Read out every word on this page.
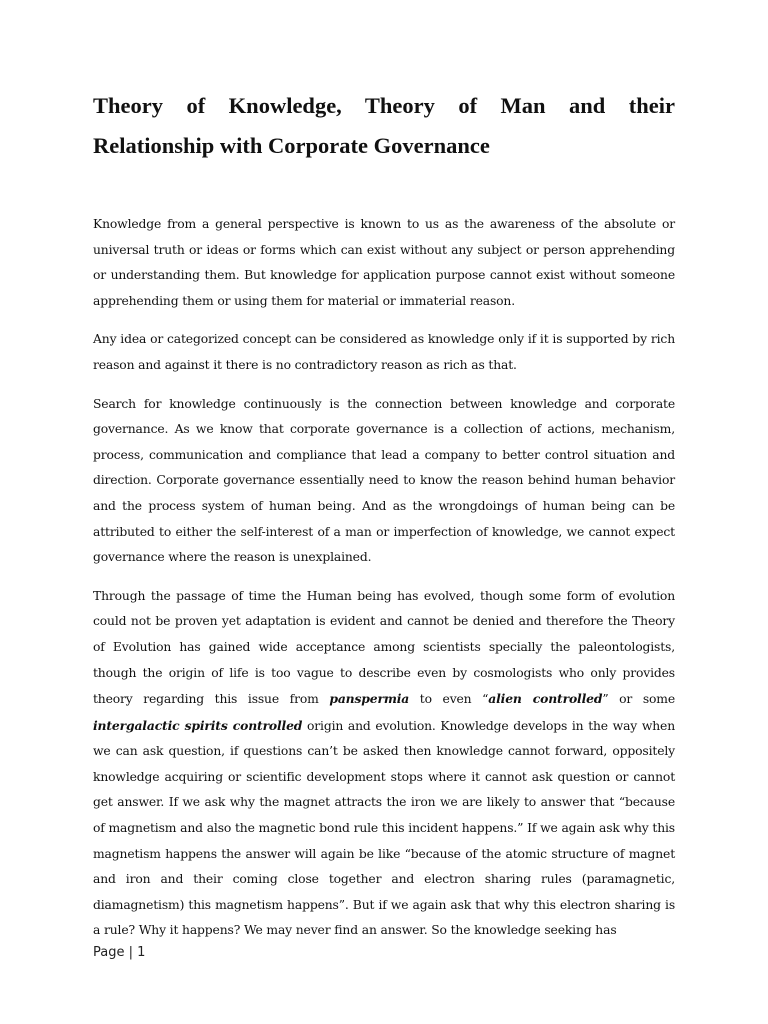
Theory of Knowledge, Theory of Man and their
Relationship with Corporate Governance

Knowledge from a general perspective is known to us as the awareness of the absolute or universal truth or ideas or forms which can exist without any subject or person apprehending or understanding them. But knowledge for application purpose cannot exist without someone apprehending them or using them for material or immaterial reason.

Any idea or categorized concept can be considered as knowledge only if it is supported by rich reason and against it there is no contradictory reason as rich as that.

Search for knowledge continuously is the connection between knowledge and corporate governance. As we know that corporate governance is a collection of actions, mechanism, process, communication and compliance that lead a company to better control situation and direction. Corporate governance essentially need to know the reason behind human behavior and the process system of human being. And as the wrongdoings of human being can be attributed to either the self-interest of a man or imperfection of knowledge, we cannot expect governance where the reason is unexplained.

Through the passage of time the Human being has evolved, though some form of evolution could not be proven yet adaptation is evident and cannot be denied and therefore the Theory of Evolution has gained wide acceptance among scientists specially the paleontologists, though the origin of life is too vague to describe even by cosmologists who only provides theory regarding this issue from panspermia to even “alien controlled” or some intergalactic spirits controlled origin and evolution. Knowledge develops in the way when we can ask question, if questions can’t be asked then knowledge cannot forward, oppositely knowledge acquiring or scientific development stops where it cannot ask question or cannot get answer. If we ask why the magnet attracts the iron we are likely to answer that “because of magnetism and also the magnetic bond rule this incident happens.” If we again ask why this magnetism happens the answer will again be like “because of the atomic structure of magnet and iron and their coming close together and electron sharing rules (paramagnetic, diamagnetism) this magnetism happens”. But if we again ask that why this electron sharing is a rule? Why it happens? We may never find an answer. So the knowledge seeking has

Page | 1
